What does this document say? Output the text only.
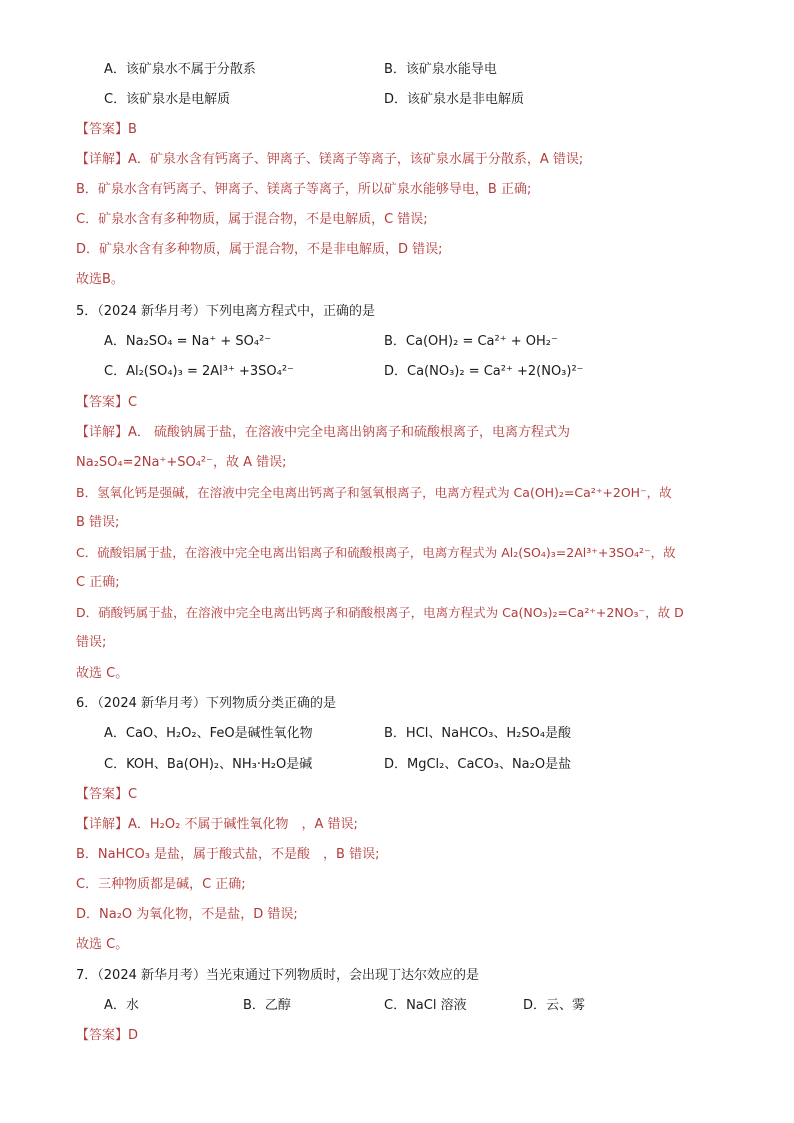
A．该矿泉水不属于分散系	B．该矿泉水能导电
C．该矿泉水是电解质	D．该矿泉水是非电解质
【答案】B
【详解】A．矿泉水含有钙离子、钾离子、镁离子等离子，该矿泉水属于分散系，A 错误;
B．矿泉水含有钙离子、钾离子、镁离子等离子，所以矿泉水能够导电，B 正确;
C．矿泉水含有多种物质，属于混合物，不是电解质，C 错误;
D．矿泉水含有多种物质，属于混合物，不是非电解质，D 错误;
故选B。
5．（2024 新华月考）下列电离方程式中，正确的是
A．Na₂SO₄ = Na⁺ + SO₄²⁻	B．Ca(OH)₂ = Ca²⁺ + OH₂⁻
C．Al₂(SO₄)₃ = 2Al³⁺ +3SO₄²⁻	D．Ca(NO₃)₂ = Ca²⁺ +2(NO₃)²⁻
【答案】C
【详解】A． 硫酸钠属于盐，在溶液中完全电离出钠离子和硫酸根离子，电离方程式为
Na₂SO₄=2Na⁺+SO₄²⁻，故 A 错误;
B．氢氧化钙是强碱，在溶液中完全电离出钙离子和氢氧根离子，电离方程式为 Ca(OH)₂=Ca²⁺+2OH⁻，故
B 错误;
C．硫酸铝属于盐，在溶液中完全电离出铝离子和硫酸根离子，电离方程式为 Al₂(SO₄)₃=2Al³⁺+3SO₄²⁻，故
C 正确;
D．硝酸钙属于盐，在溶液中完全电离出钙离子和硝酸根离子，电离方程式为 Ca(NO₃)₂=Ca²⁺+2NO₃⁻，故 D
错误;
故选 C。
6．（2024 新华月考）下列物质分类正确的是
A．CaO、H₂O₂、FeO是碱性氧化物	B．HCl、NaHCO₃、H₂SO₄是酸
C．KOH、Ba(OH)₂、NH₃·H₂O是碱	D．MgCl₂、CaCO₃、Na₂O是盐
【答案】C
【详解】A．H₂O₂ 不属于碱性氧化物　，A 错误;
B．NaHCO₃ 是盐，属于酸式盐，不是酸　，B 错误;
C．三种物质都是碱，C 正确;
D．Na₂O 为氧化物，不是盐，D 错误;
故选 C。
7．（2024 新华月考）当光束通过下列物质时，会出现丁达尔效应的是
A．水	B．乙醇	C．NaCl 溶液	D．云、雾
【答案】D
